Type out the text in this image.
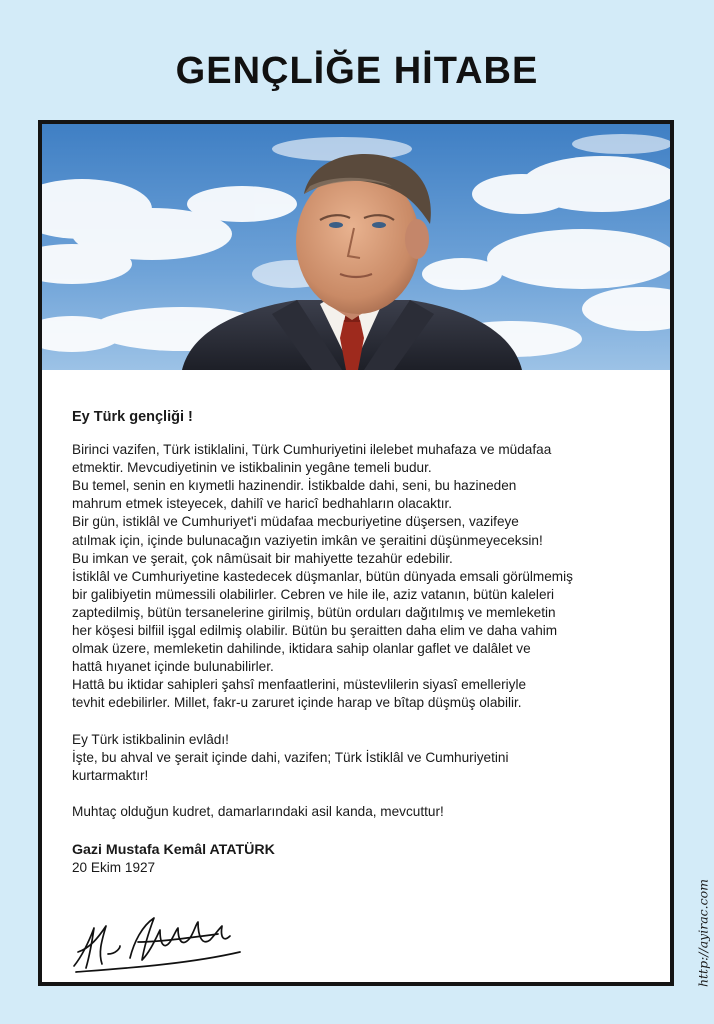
GENÇLİĞE HİTABE

Ey Türk gençliği !

Birinci vazifen, Türk istiklalini, Türk Cumhuriyetini ilelebet muhafaza ve müdafaa

etmektir. Mevcudiyetinin ve istikbalinin yegâne temeli budur.

Bu temel, senin en kıymetli hazinendir. İstikbalde dahi, seni, bu hazineden

mahrum etmek isteyecek, dahilî ve haricî bedhahların olacaktır.

Bir gün, istiklâl ve Cumhuriyet'i müdafaa mecburiyetine düşersen, vazifeye

atılmak için, içinde bulunacağın vaziyetin imkân ve şeraitini düşünmeyeceksin!

Bu imkan ve şerait, çok nâmüsait bir mahiyette tezahür edebilir.

İstiklâl ve Cumhuriyetine kastedecek düşmanlar, bütün dünyada emsali görülmemiş

bir galibiyetin mümessili olabilirler. Cebren ve hile ile, aziz vatanın, bütün kaleleri

zaptedilmiş, bütün tersanelerine girilmiş, bütün orduları dağıtılmış ve memleketin

her köşesi bilfiil işgal edilmiş olabilir. Bütün bu şeraitten daha elim ve daha vahim

olmak üzere, memleketin dahilinde, iktidara sahip olanlar gaflet ve dalâlet ve

hattâ hıyanet içinde bulunabilirler.

Hattâ bu iktidar sahipleri şahsî menfaatlerini, müstevlilerin siyasî emelleriyle

tevhit edebilirler. Millet, fakr-u zaruret içinde harap ve bîtap düşmüş olabilir.

Ey Türk istikbalinin evlâdı!

İşte, bu ahval ve şerait içinde dahi, vazifen; Türk İstiklâl ve Cumhuriyetini

kurtarmaktır!

Muhtaç olduğun kudret, damarlarındaki asil kanda, mevcuttur!

Gazi Mustafa Kemâl ATATÜRK

20 Ekim 1927

http://ayirac.com
